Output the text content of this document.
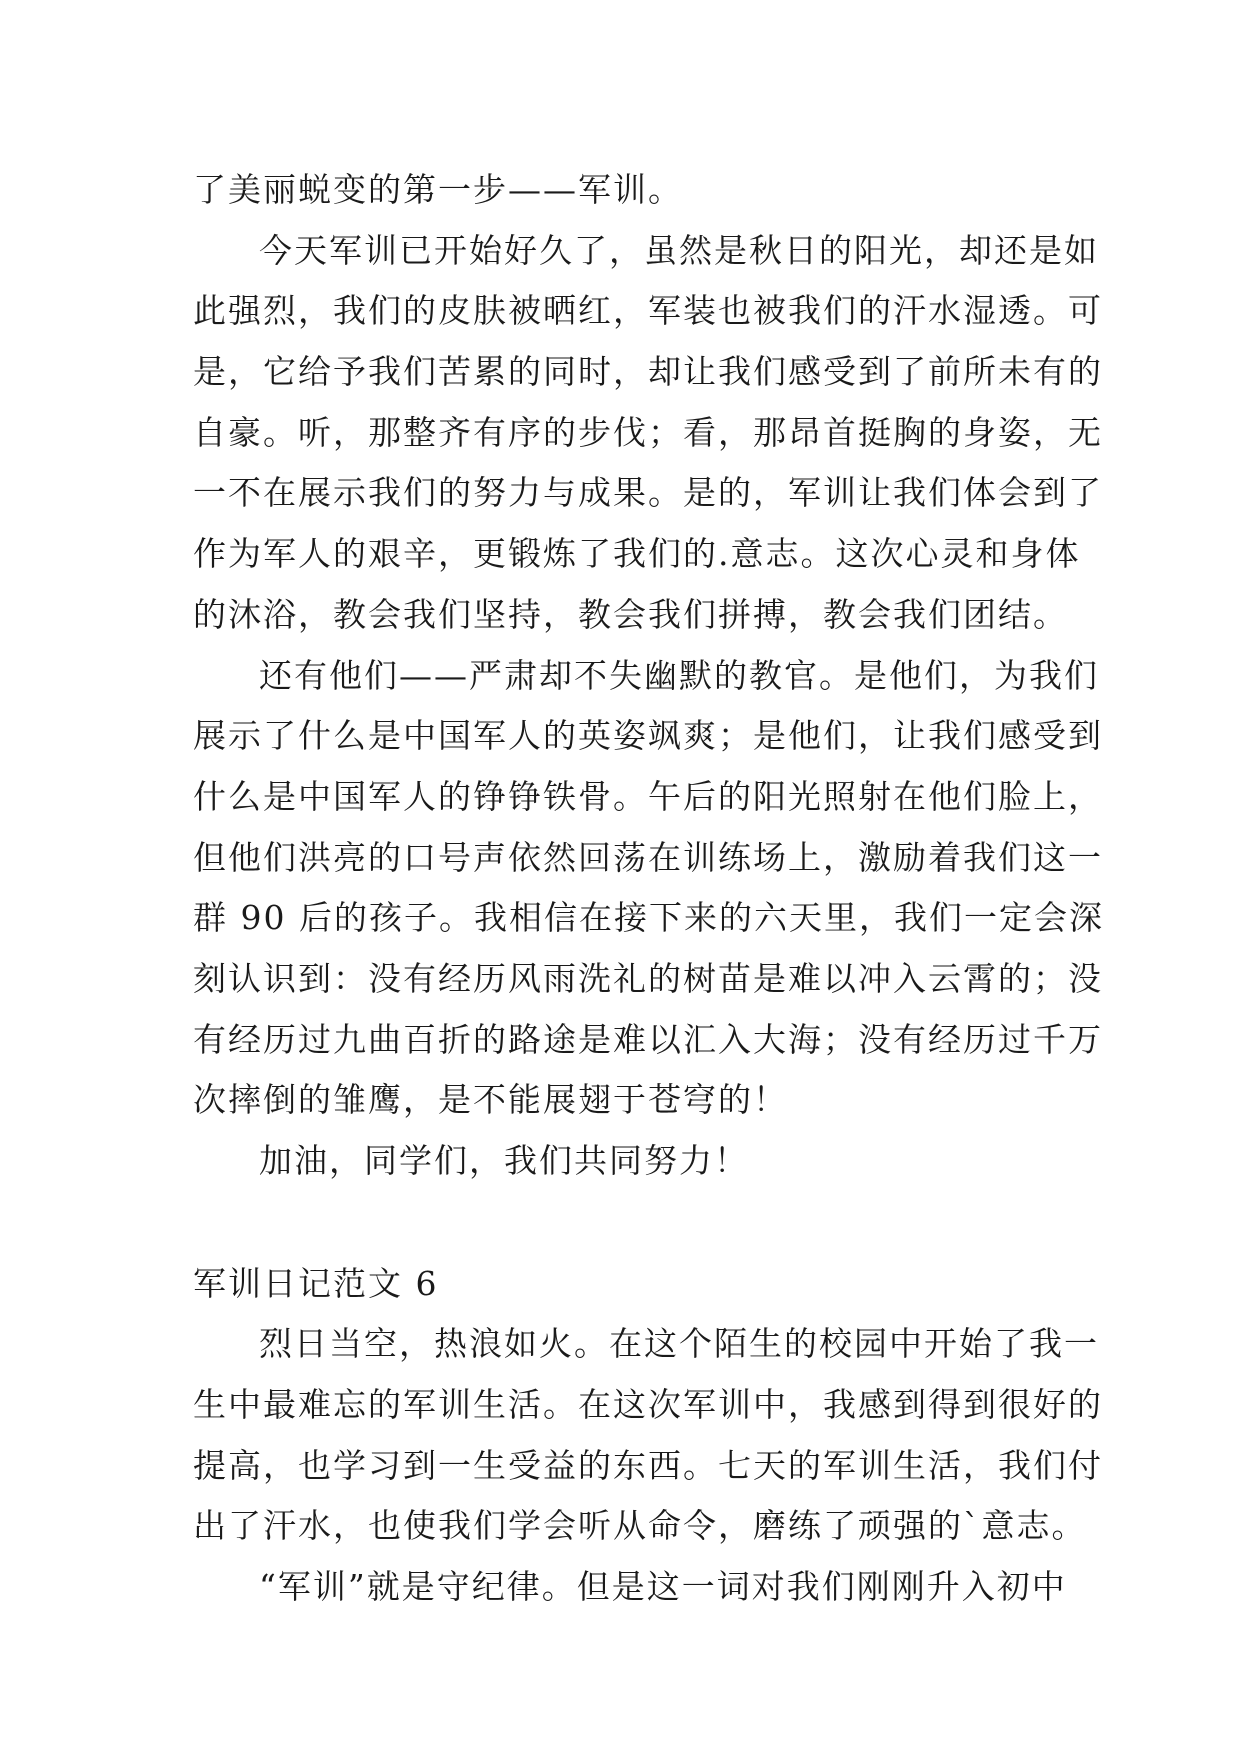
了美丽蜕变的第一步——军训。
今天军训已开始好久了，虽然是秋日的阳光，却还是如
此强烈，我们的皮肤被晒红，军装也被我们的汗水湿透。可
是，它给予我们苦累的同时，却让我们感受到了前所未有的
自豪。听，那整齐有序的步伐；看，那昂首挺胸的身姿，无
一不在展示我们的努力与成果。是的，军训让我们体会到了
作为军人的艰辛，更锻炼了我们的.意志。这次心灵和身体
的沐浴，教会我们坚持，教会我们拼搏，教会我们团结。
还有他们——严肃却不失幽默的教官。是他们，为我们
展示了什么是中国军人的英姿飒爽；是他们，让我们感受到
什么是中国军人的铮铮铁骨。午后的阳光照射在他们脸上，
但他们洪亮的口号声依然回荡在训练场上，激励着我们这一
群 90 后的孩子。我相信在接下来的六天里，我们一定会深
刻认识到：没有经历风雨洗礼的树苗是难以冲入云霄的；没
有经历过九曲百折的路途是难以汇入大海；没有经历过千万
次摔倒的雏鹰，是不能展翅于苍穹的！
加油，同学们，我们共同努力！
军训日记范文 6
烈日当空，热浪如火。在这个陌生的校园中开始了我一
生中最难忘的军训生活。在这次军训中，我感到得到很好的
提高，也学习到一生受益的东西。七天的军训生活，我们付
出了汗水，也使我们学会听从命令，磨练了顽强的`意志。
“军训”就是守纪律。但是这一词对我们刚刚升入初中
